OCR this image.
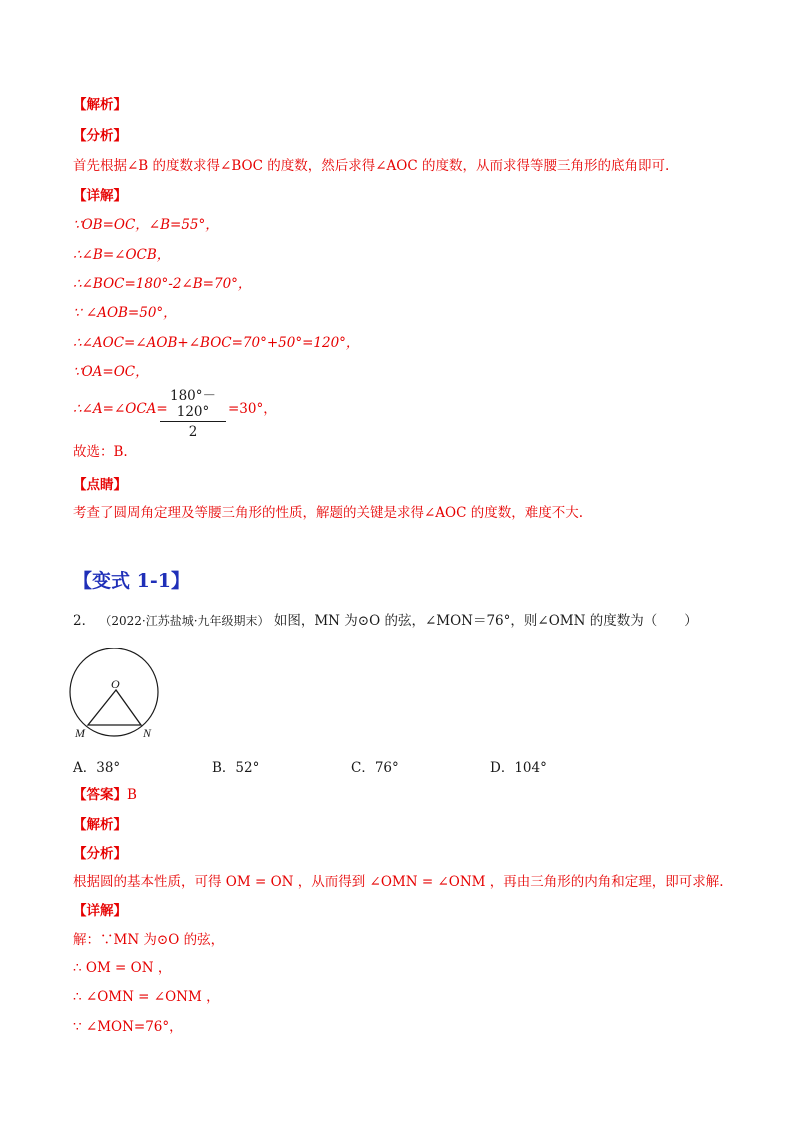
【解析】
【分析】
首先根据∠B 的度数求得∠BOC 的度数，然后求得∠AOC 的度数，从而求得等腰三角形的底角即可.
【详解】
∵OB=OC，∠B=55°，
∴∠B=∠OCB，
∴∠BOC=180°-2∠B=70°，
∵ ∠AOB=50°，
∴∠AOC=∠AOB+∠BOC=70°+50°=120°，
∵OA=OC，
∴∠A=∠OCA=
180°－120°
2
=30°，
故选：B.
【点睛】
考查了圆周角定理及等腰三角形的性质，解题的关键是求得∠AOC 的度数，难度不大.
【变式 1-1】
2． （2022·江苏盐城·九年级期末） 如图，MN 为⊙O 的弦，∠MON＝76°，则∠OMN 的度数为（　　）
O
M	N
A．38°	B．52°	C．76°	D．104°
【答案】B
【解析】
【分析】
根据圆的基本性质，可得 OM = ON ，从而得到 ∠OMN = ∠ONM ，再由三角形的内角和定理，即可求解.
【详解】
解：∵MN 为⊙O 的弦，
∴ OM = ON ，
∴ ∠OMN = ∠ONM ，
∵ ∠MON=76°，
